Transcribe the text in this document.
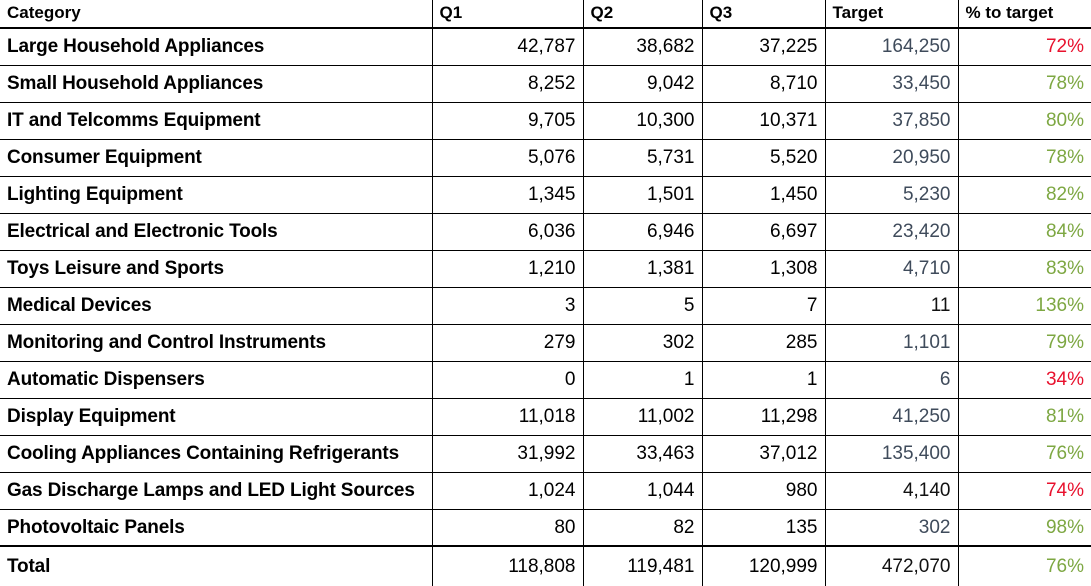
Category	Q1	Q2	Q3	Target	% to target
Large Household Appliances	42,787	38,682	37,225	164,250	72%
Small Household Appliances	8,252	9,042	8,710	33,450	78%
IT and Telcomms Equipment	9,705	10,300	10,371	37,850	80%
Consumer Equipment	5,076	5,731	5,520	20,950	78%
Lighting Equipment	1,345	1,501	1,450	5,230	82%
Electrical and Electronic Tools	6,036	6,946	6,697	23,420	84%
Toys Leisure and Sports	1,210	1,381	1,308	4,710	83%
Medical Devices	3	5	7	11	136%
Monitoring and Control Instruments	279	302	285	1,101	79%
Automatic Dispensers	0	1	1	6	34%
Display Equipment	11,018	11,002	11,298	41,250	81%
Cooling Appliances Containing Refrigerants	31,992	33,463	37,012	135,400	76%
Gas Discharge Lamps and LED Light Sources	1,024	1,044	980	4,140	74%
Photovoltaic Panels	80	82	135	302	98%
Total	118,808	119,481	120,999	472,070	76%
